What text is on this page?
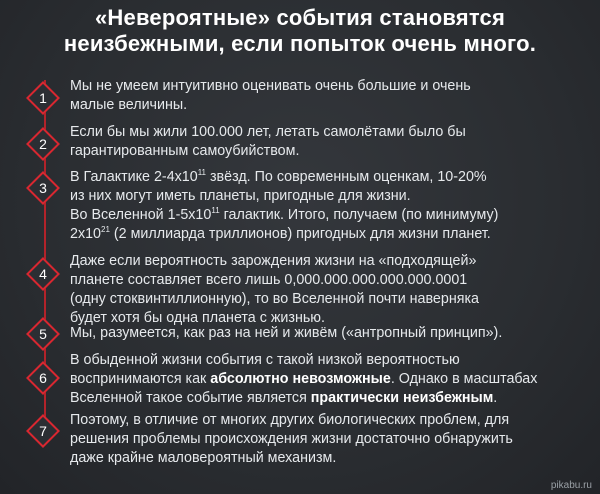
«Невероятные» события становятся
неизбежными, если попыток очень много.
1
Мы не умеем интуитивно оценивать очень большие и очень
малые величины.
2
Если бы мы жили 100.000 лет, летать самолётами было бы
гарантированным самоубийством.
3
В Галактике $2-4x10^{11}$ звёзд. По современным оценкам, 10-20%
из них могут иметь планеты, пригодные для жизни.
Во Вселенной $1-5x10^{11}$ галактик. Итого, получаем (по минимуму)
$2x10^{21}$ (2 миллиарда триллионов) пригодных для жизни планет.
4
Даже если вероятность зарождения жизни на «подходящей»
планете составляет всего лишь 0,000.000.000.000.000.0001
(одну стоквинтиллионную), то во Вселенной почти наверняка
будет хотя бы одна планета с жизнью.
5	Мы, разумеется, как раз на ней и живём («антропный принцип»).
6
В обыденной жизни события с такой низкой вероятностью
воспринимаются как абсолютно невозможные. Однако в масштабах
Вселенной такое событие является практически неизбежным.
7
Поэтому, в отличие от многих других биологических проблем, для
решения проблемы происхождения жизни достаточно обнаружить
даже крайне маловероятный механизм.
pikabu.ru
